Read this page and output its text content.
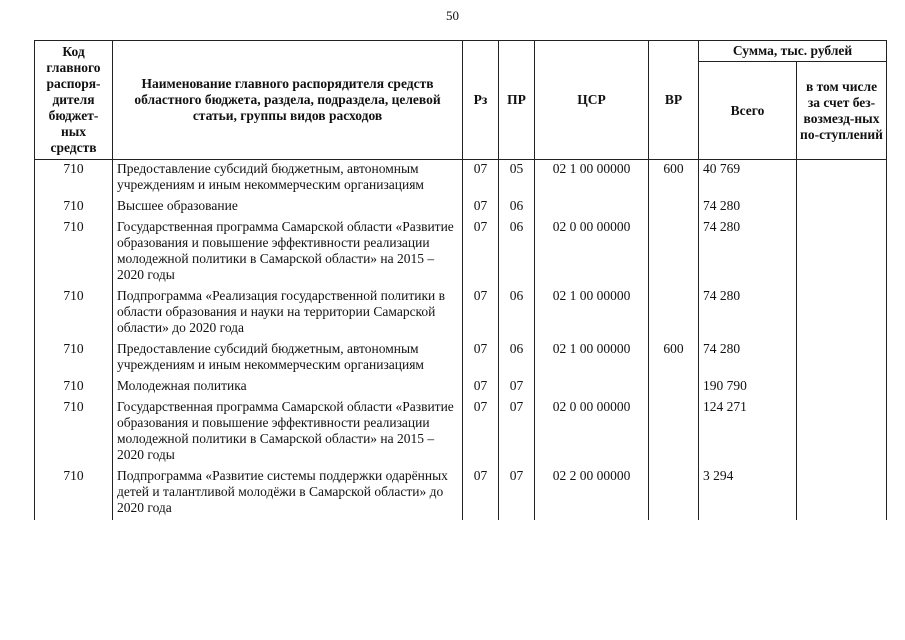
50
Код главного распоря-дителя бюджет-ных средств	Наименование главного распорядителя средств областного бюджета, раздела, подраздела, целевой статьи, группы видов расходов	Рз	ПР	ЦСР	ВР	Сумма, тыс. рублей	
						Всего	в том числе за счет без-возмезд-ных по-ступлений
710	Предоставление субсидий бюджетным, автономным учреждениям и иным некоммерческим организациям	07	05	02 1 00 00000	600	40 769	
710	Высшее образование	07	06			74 280	
710	Государственная программа Самарской области «Развитие образования и повышение эффективности реализации молодежной политики в Самарской области» на 2015 – 2020 годы	07	06	02 0 00 00000		74 280	
710	Подпрограмма «Реализация государственной политики в области образования и науки на территории Самарской области» до 2020 года	07	06	02 1 00 00000		74 280	
710	Предоставление субсидий бюджетным, автономным учреждениям и иным некоммерческим организациям	07	06	02 1 00 00000	600	74 280	
710	Молодежная политика	07	07			190 790	
710	Государственная программа Самарской области «Развитие образования и повышение эффективности реализации молодежной политики в Самарской области» на 2015 – 2020 годы	07	07	02 0 00 00000		124 271	
710	Подпрограмма «Развитие системы поддержки одарённых детей и талантливой молодёжи в Самарской области» до 2020 года	07	07	02 2 00 00000		3 294	
